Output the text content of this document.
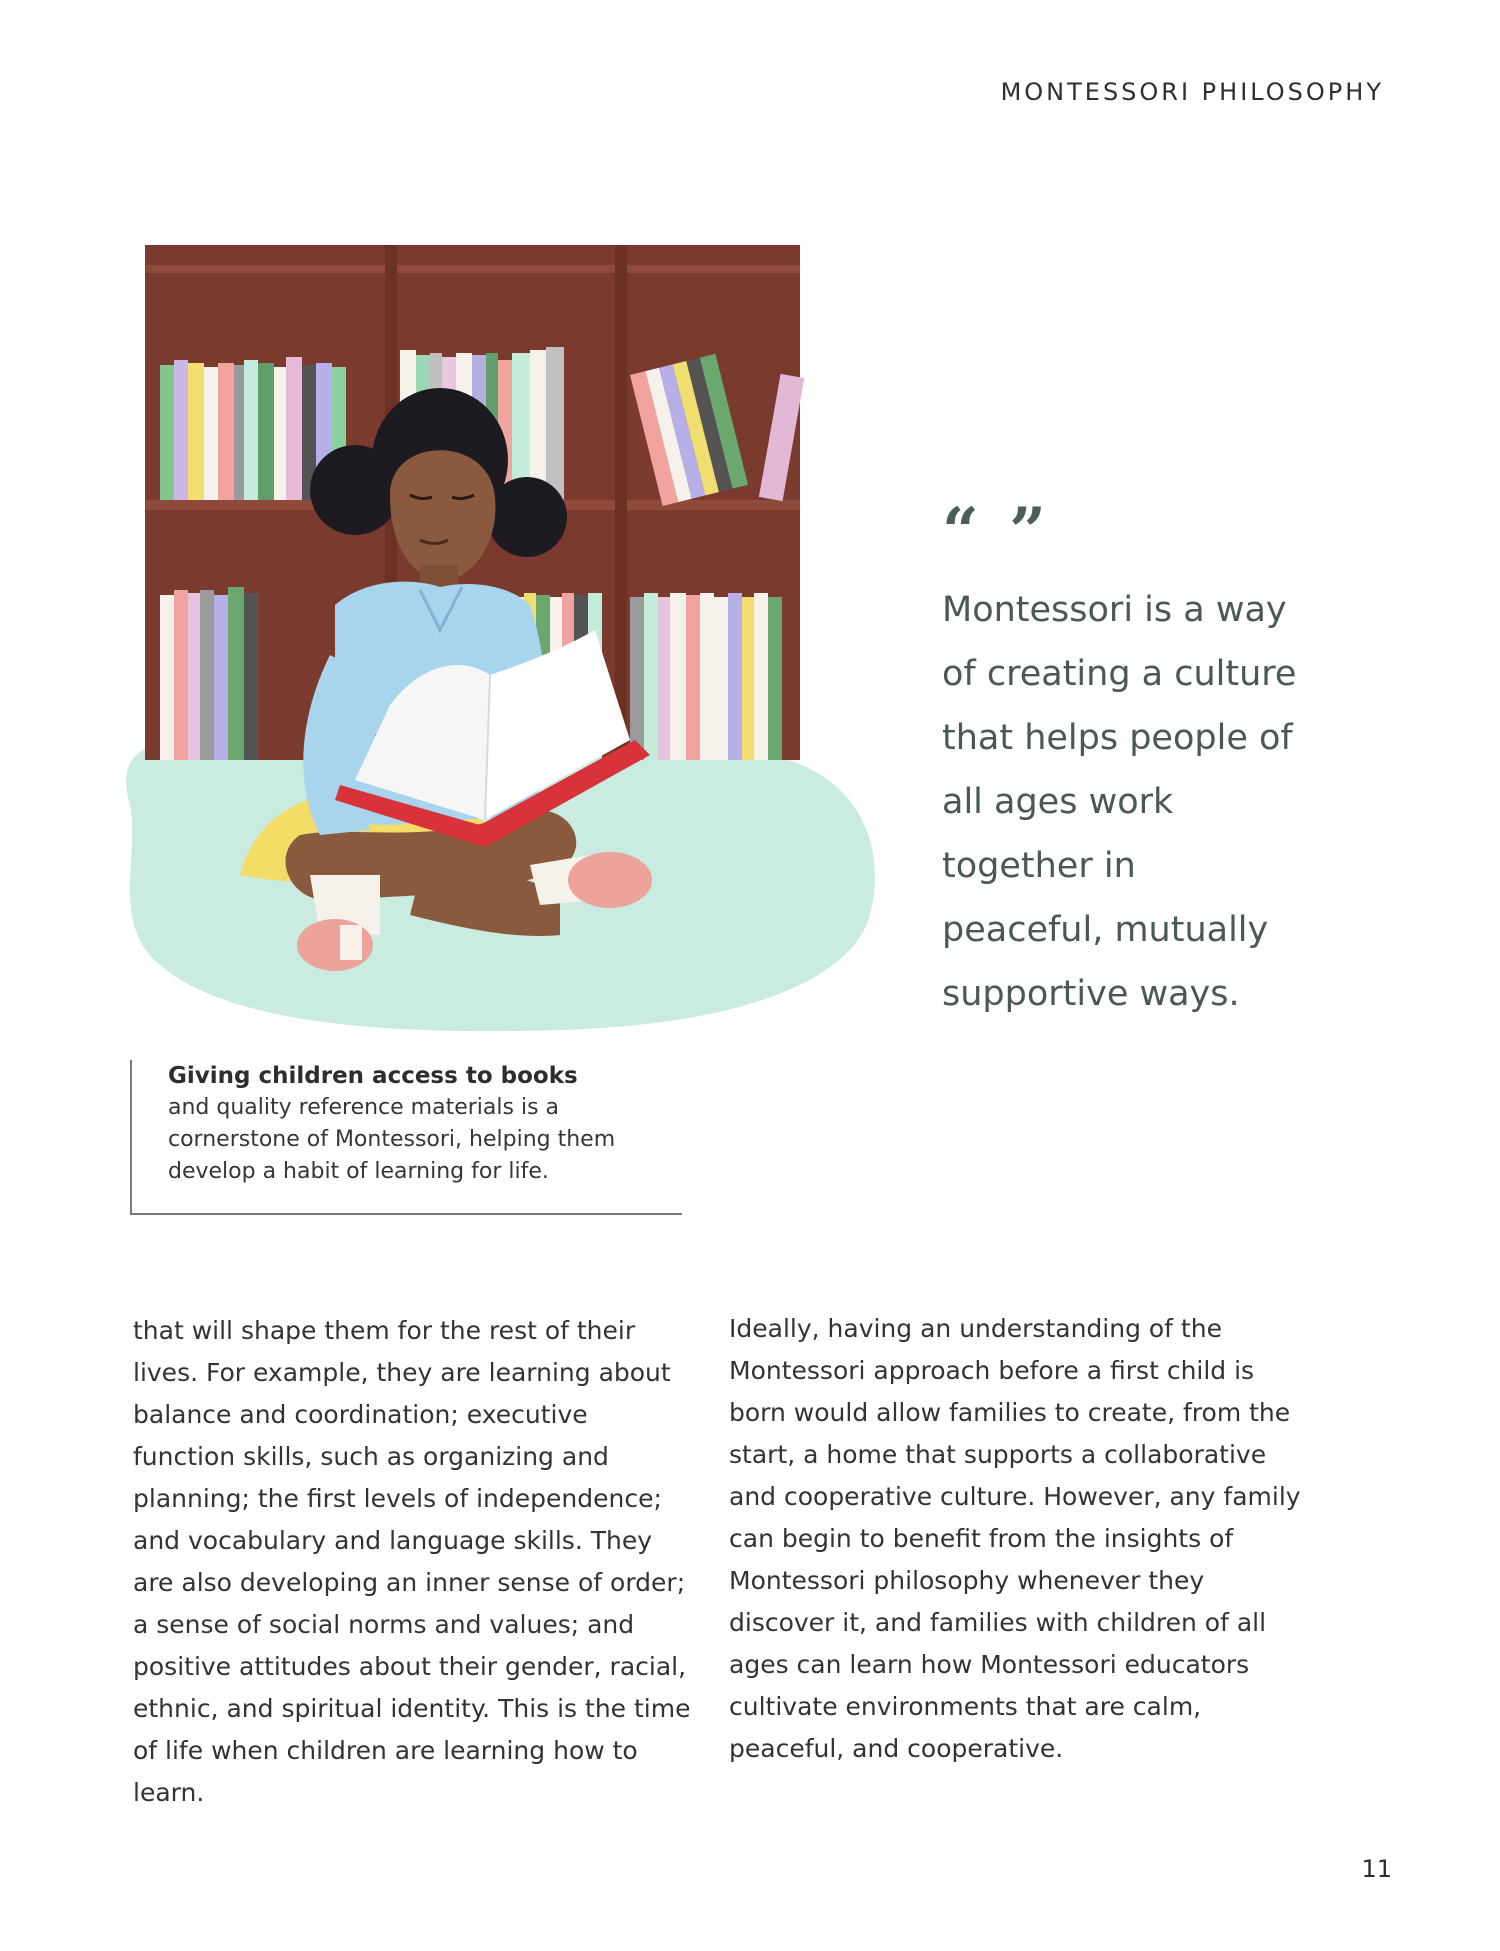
MONTESSORI PHILOSOPHY
“ ”
Montessori is a way of creating a culture that helps people of all ages work together in peaceful, mutually supportive ways.
Giving children access to books
and quality reference materials is a cornerstone of Montessori, helping them develop a habit of learning for life.
that will shape them for the rest of their lives. For example, they are learning about balance and coordination; executive function skills, such as organizing and planning; the first levels of independence; and vocabulary and language skills. They are also developing an inner sense of order; a sense of social norms and values; and positive attitudes about their gender, racial, ethnic, and spiritual identity. This is the time of life when children are learning how to learn.
Ideally, having an understanding of the Montessori approach before a first child is born would allow families to create, from the start, a home that supports a collaborative and cooperative culture. However, any family can begin to benefit from the insights of Montessori philosophy whenever they discover it, and families with children of all ages can learn how Montessori educators cultivate environments that are calm, peaceful, and cooperative.
11
